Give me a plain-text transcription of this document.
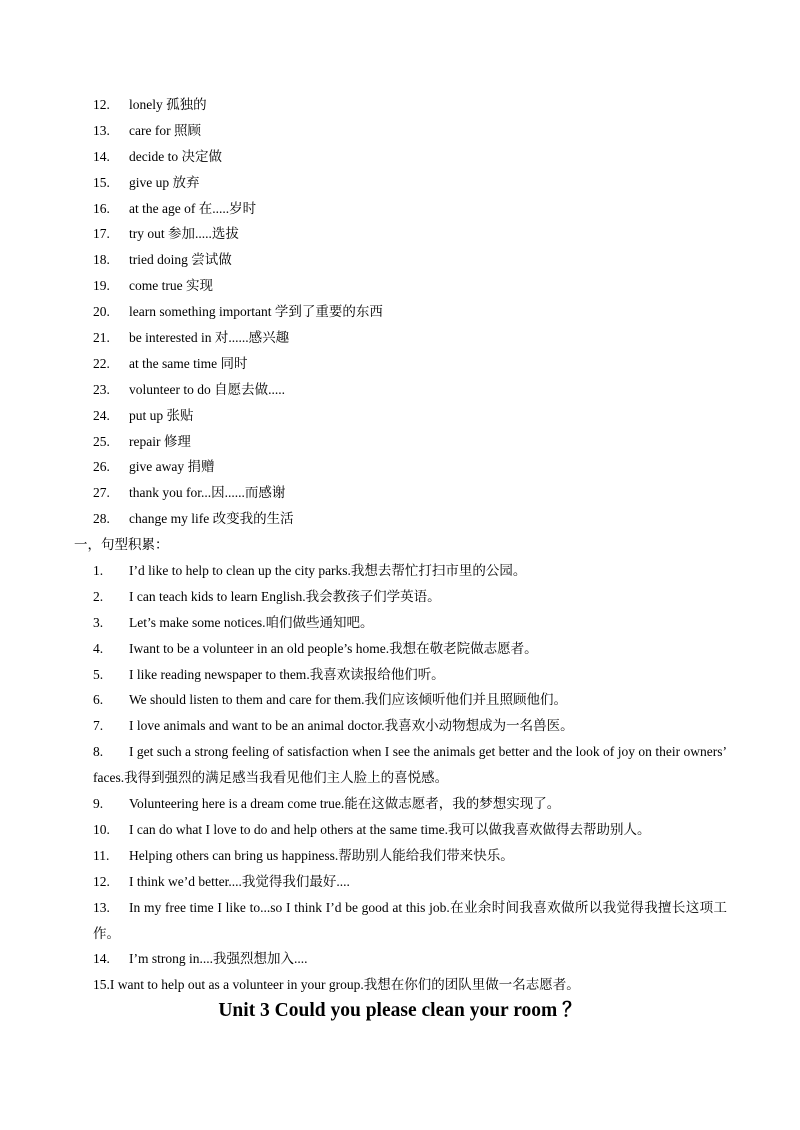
12. lonely 孤独的
13. care for 照顾
14. decide to 决定做
15. give up 放弃
16. at the age of 在.....岁时
17. try out 参加.....选拔
18. tried doing 尝试做
19. come true 实现
20. learn something important 学到了重要的东西
21. be interested in 对......感兴趣
22. at the same time 同时
23. volunteer to do 自愿去做.....
24. put up 张贴
25. repair 修理
26. give away 捐赠
27. thank you for...因......而感谢
28. change my life 改变我的生活
一，句型积累：
1. I’d like to help to clean up the city parks.我想去帮忙打扫市里的公园。
2. I can teach kids to learn English.我会教孩子们学英语。
3. Let’s make some notices.咱们做些通知吧。
4. Iwant to be a volunteer in an old people’s home.我想在敬老院做志愿者。
5. I like reading newspaper to them.我喜欢读报给他们听。
6. We should listen to them and care for them.我们应该倾听他们并且照顾他们。
7. I love animals and want to be an animal doctor.我喜欢小动物想成为一名兽医。
8.	I get such a strong feeling of satisfaction when I see the animals get better and the look of joy on their owners’ faces.我得到强烈的满足感当我看见他们主人脸上的喜悦感。
9. Volunteering here is a dream come true.能在这做志愿者，我的梦想实现了。
10. I can do what I love to do and help others at the same time.我可以做我喜欢做得去帮助别人。
11. Helping others can bring us happiness.帮助别人能给我们带来快乐。
12. I think we’d better....我觉得我们最好....
13.	In my free time I like to...so I think I’d be good at this job.在业余时间我喜欢做所以我觉得我擅长这项工作。
14. I’m strong in....我强烈想加入....
15.I want to help out as a volunteer in your group.我想在你们的团队里做一名志愿者。
Unit 3 Could you please clean your room ？
